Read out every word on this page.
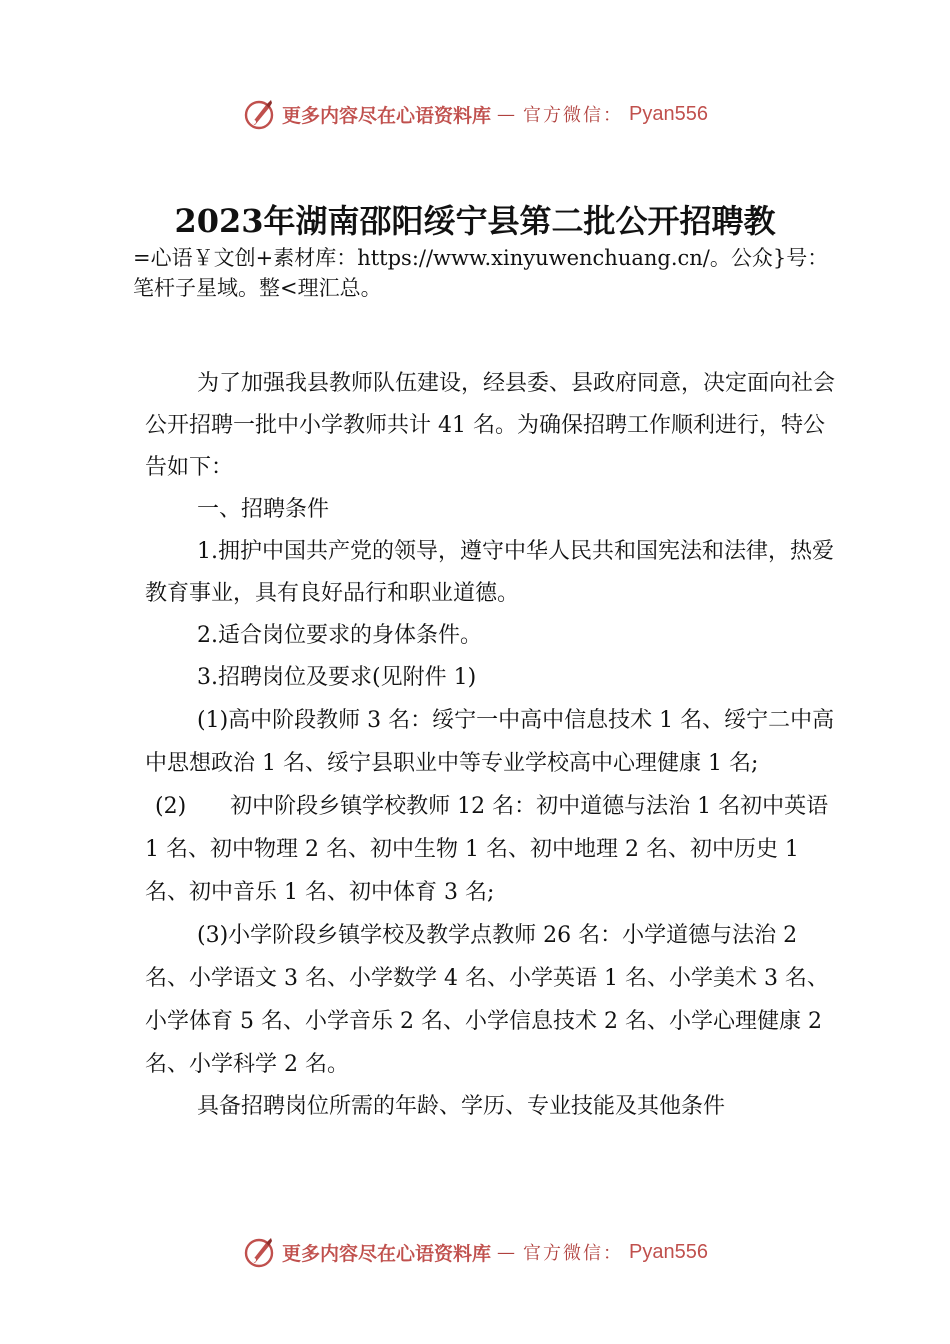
更多内容尽在心语资料库 — 官方微信： Pyan556
2023年湖南邵阳绥宁县第二批公开招聘教
=心语￥文创+素材库：https://www.xinyuwenchuang.cn/。公众}号：笔杆子星域。整<理汇总。

为了加强我县教师队伍建设，经县委、县政府同意，决定面向社会公开招聘一批中小学教师共计 41 名。为确保招聘工作顺利进行，特公告如下：

一、招聘条件

1.拥护中国共产党的领导，遵守中华人民共和国宪法和法律，热爱教育事业，具有良好品行和职业道德。

2.适合岗位要求的身体条件。

3.招聘岗位及要求(见附件 1)

(1)高中阶段教师 3 名：绥宁一中高中信息技术 1 名、绥宁二中高中思想政治 1 名、绥宁县职业中等专业学校高中心理健康 1 名;

(2)　　初中阶段乡镇学校教师 12 名：初中道德与法治 1 名初中英语 1 名、初中物理 2 名、初中生物 1 名、初中地理 2 名、初中历史 1 名、初中音乐 1 名、初中体育 3 名;

(3)小学阶段乡镇学校及教学点教师 26 名：小学道德与法治 2 名、小学语文 3 名、小学数学 4 名、小学英语 1 名、小学美术 3 名、小学体育 5 名、小学音乐 2 名、小学信息技术 2 名、小学心理健康 2 名、小学科学 2 名。

具备招聘岗位所需的年龄、学历、专业技能及其他条件

更多内容尽在心语资料库 — 官方微信： Pyan556
